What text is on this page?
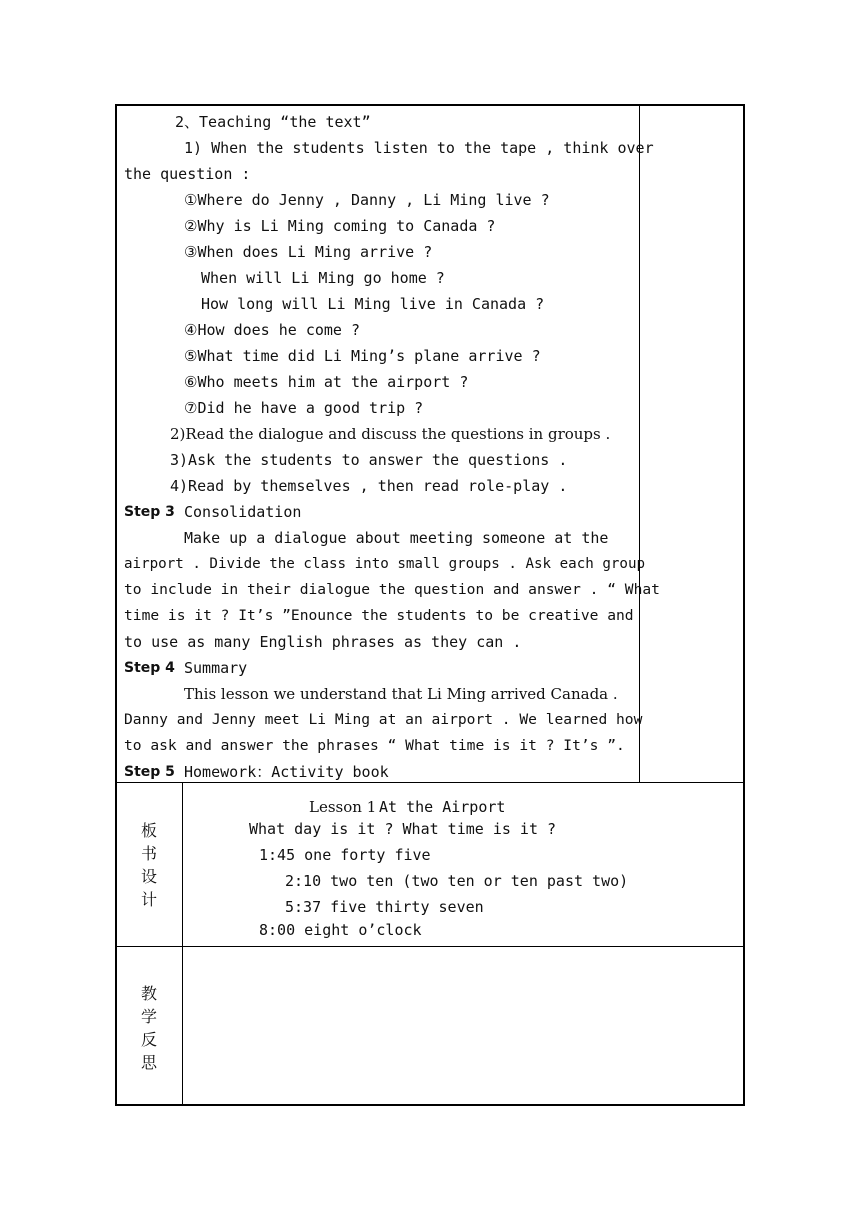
2、Teaching “the text”
1) When the students listen to the tape , think over
the question :
①Where do Jenny , Danny , Li Ming live ?
②Why is Li Ming coming to Canada ?
③When does Li Ming arrive ?
When will Li Ming go home ?
How long will Li Ming live in Canada ?
④How does he come ?
⑤What time did Li Ming’s plane arrive ?
⑥Who meets him at the airport ?
⑦Did he have a good trip ?
2)Read the dialogue and discuss the questions in groups .
3)Ask the students to answer the questions .
4)Read by themselves , then read role-play .
Step 3 Consolidation
Make up a dialogue about meeting someone at the
airport . Divide the class into small groups . Ask each group
to include in their dialogue the question and answer . “ What
time is it ? It’s ”Enounce the students to be creative and
to use as many English phrases as they can .
Step 4 Summary
This lesson we understand that Li Ming arrived Canada .
Danny and Jenny meet Li Ming at an airport . We learned how
to ask and answer the phrases “ What time is it ? It’s ”.
Step 5 Homework：Activity book
板
书
设
计
Lesson 1 At the Airport
What day is it ? What time is it ?
1:45 one forty five
2:10 two ten (two ten or ten past two)
5:37 five thirty seven
8:00 eight o’clock
教
学
反
思
